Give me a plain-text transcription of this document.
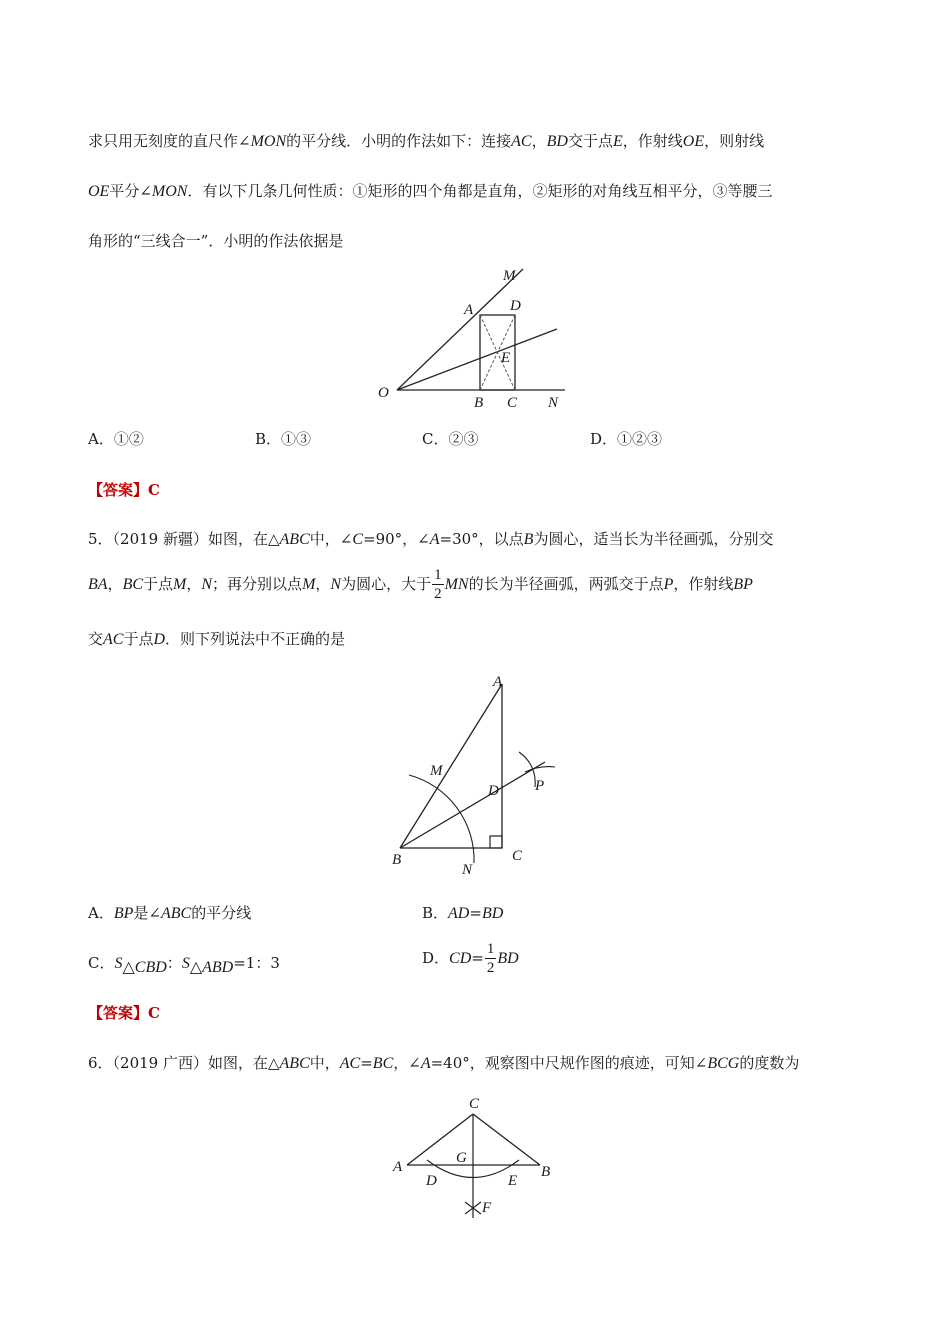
求只用无刻度的直尺作∠MON的平分线．小明的作法如下：连接AC，BD交于点E，作射线OE，则射线
OE平分∠MON．有以下几条几何性质：①矩形的四个角都是直角，②矩形的对角线互相平分，③等腰三
角形的“三线合一”．小明的作法依据是
M
A D
E
O
B C N
A．①②	B．①③	C．②③	D．①②③
【答案】C
5．（2019 新疆）如图，在△ABC中，∠C=90°，∠A=30°，以点B为圆心，适当长为半径画弧，分别交
BA，BC于点M，N；再分别以点M，N为圆心，大于 $\frac{1}{2}$ MN的长为半径画弧，两弧交于点P，作射线BP
交AC于点D．则下列说法中不正确的是
A
M
D P
B
N
C
A．BP是∠ABC的平分线	B．AD=BD
C．$S_{\triangle CBD}$：$S_{\triangle ABD}=1$：3	D．$CD= \frac{1}{2}$ BD
【答案】C
6．（2019 广西）如图，在△ABC中，AC=BC，∠A=40°，观察图中尺规作图的痕迹，可知∠BCG的度数为
C
A
G
B
D	E
F
